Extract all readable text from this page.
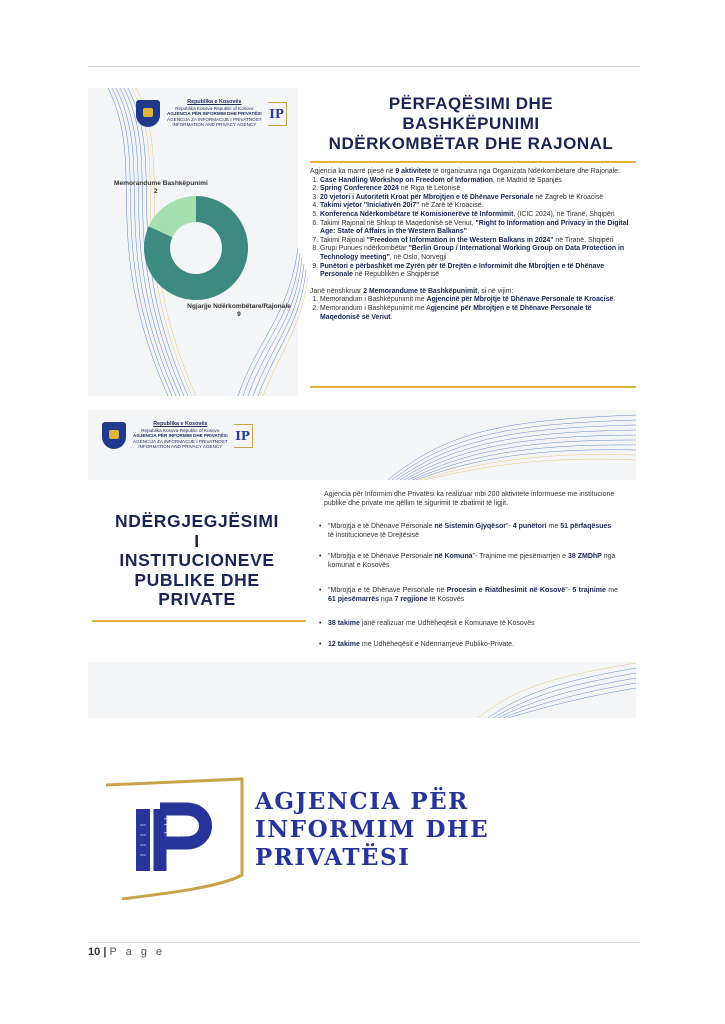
Republika e Kosovës
Republika Kosova-Republic of Kosovo
AGJENCIA PËR INFORMIM DHE PRIVATËSI
AGENCIJA ZA INFORMACIJE I PRIVATNOST
INFORMATION AND PRIVACY AGENCY
IP
PËRFAQËSIMI DHE
BASHKËPUNIMI
NDËRKOMBËTAR DHE RAJONAL
Memorandume Bashkëpunimi
2
Ngjarjje Ndërkombëtare/Rajonale
9
Agjencia ka marrë pjesë në 9 aktivitete të organizuara nga Organizata Ndërkombëtare dhe Rajonale:
1. Case Handling Workshop on Freedom of Information, në Madrid të Spanjës
2. Spring Conference 2024 në Riga të Letonisë
3. 20 vjetori i Autoritetit Kroat për Mbrojtjen e të Dhënave Personale në Zagreb të Kroacisë
4. Takimi vjetor ''Iniciativën 20i7'' në Zarë të Kroacisë.
5. Konferenca Ndërkombëtare të Komisionerëve të Informimit, (ICIC 2024), në Tiranë, Shqipëri
6. Takimi Rajonal në Shkup të Maqedonisë së Veriut, "Right to Information and Privacy in the Digital Age: State of Affairs in the Western Balkans"
7. Takimi Rajonal "Freedom of Information in the Western Balkans in 2024" në Tiranë, Shqipëri
8. Grupi Punues ndërkombëtar ''Berlin Group / International Working Group on Data Protection in Technology meeting'', në Oslo, Norvegji
9. Punëtori e përbashkët me Zyrën për të Drejtën e Informimit dhe Mbrojtjen e të Dhënave Personale në Republikën e Shqipërisë
Janë nënshkruar 2 Memorandume të Bashkëpunimit, si në vijim:
1. Memorandum i Bashkëpunimit me Agjencinë për Mbrojtje të Dhënave Personale të Kroacisë.
2. Memorandum i Bashkëpunimit me Agjencinë për Mbrojtjen e të Dhënave Personale të Maqedonisë së Veriut.
Republika e Kosovës
Republika Kosova-Republic of Kosovo
AGJENCIA PËR INFORMIM DHE PRIVATËSI
AGENCIJA ZA INFORMACIJE I PRIVATNOST
INFORMATION AND PRIVACY AGENCY
IP
NDËRGJEGJËSIMI
I
INSTITUCIONEVE
PUBLIKE DHE
PRIVATE
Agjencia për Informim dhe Privatësi ka realizuar mbi 200 aktivitete informuese me institucione publike dhe private me qëllim të sigurimit të zbatimit të ligjit.
• "Mbrojtja e të Dhënave Personale në Sistemin Gjyqësor"- 4 punëtori me 51 përfaqësues të institucioneve të Drejtësisë
• "Mbrojtja e të Dhënave Personale në Komuna"- Trajnime me pjesëmarrjen e 38 ZMDhP nga komunat e Kosovës
• "Mbrojtja e të Dhënave Personale në Procesin e Riatdhesimit në Kosovë"- 5 trajnime me 61 pjesëmarrës nga 7 regjione të Kosovës
• 38 takime janë realizuar me Udhëheqësit e Komunave të Kosovës
• 12 takime me Udhëheqësit e Ndërmarrjeve Publiko-Private.
AGJENCIA PËR
INFORMIM DHE
PRIVATËSI
10 | P a g e
